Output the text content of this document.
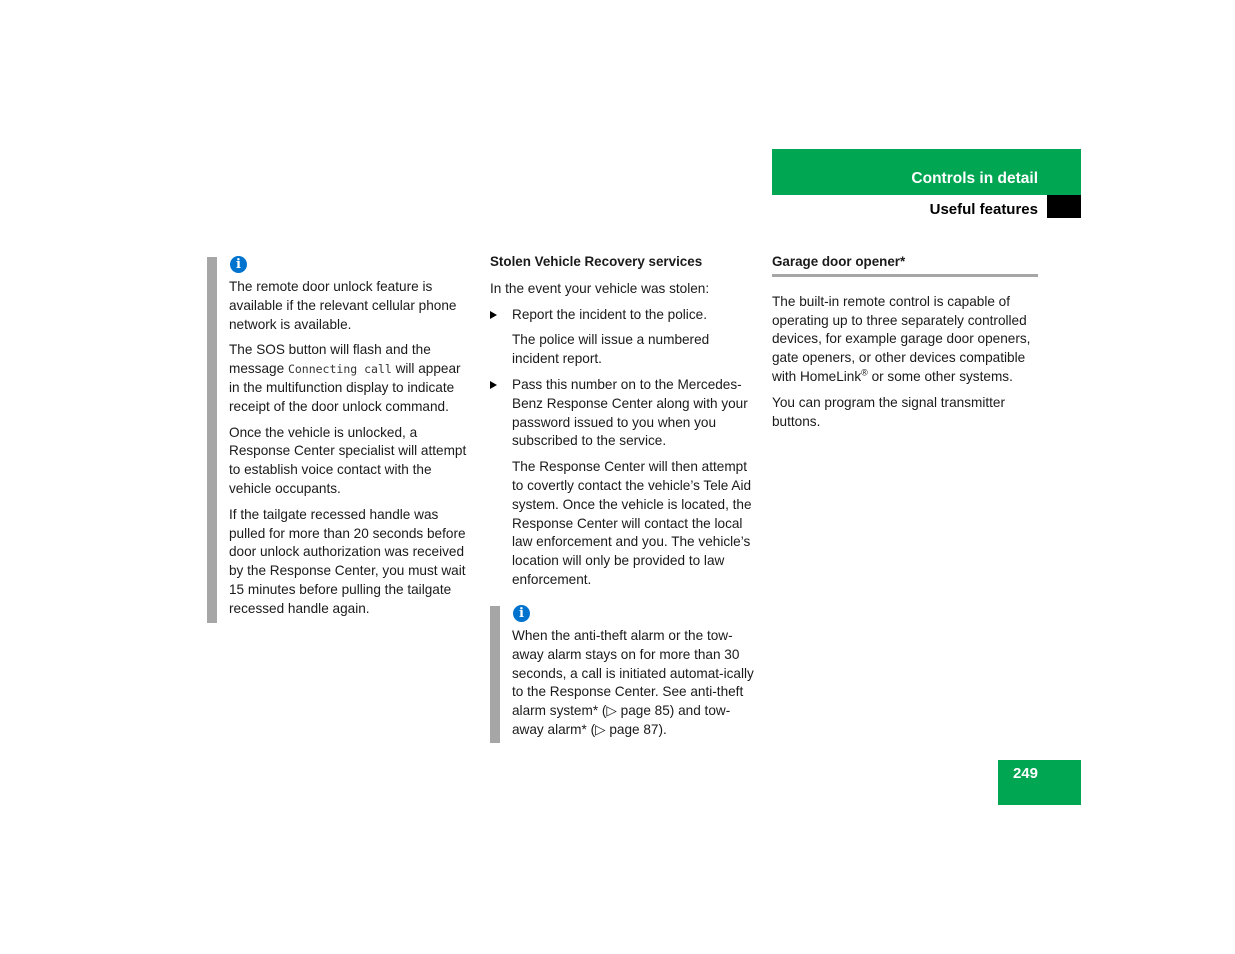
Controls in detail
Useful features
i

The remote door unlock feature is available if the relevant cellular phone network is available.

The SOS button will flash and the message Connecting call will appear in the multifunction display to indicate receipt of the door unlock command.

Once the vehicle is unlocked, a Response Center specialist will attempt to establish voice contact with the vehicle occupants.

If the tailgate recessed handle was pulled for more than 20 seconds before door unlock authorization was received by the Response Center, you must wait 15 minutes before pulling the tailgate recessed handle again.

Stolen Vehicle Recovery services

In the event your vehicle was stolen:

Report the incident to the police.

The police will issue a numbered incident report.

Pass this number on to the Mercedes-Benz Response Center along with your password issued to you when you subscribed to the service.

The Response Center will then attempt to covertly contact the vehicle’s Tele Aid system. Once the vehicle is located, the Response Center will contact the local law enforcement and you. The vehicle’s location will only be provided to law enforcement.

i

When the anti-theft alarm or the tow-away alarm stays on for more than 30 seconds, a call is initiated automat-ically to the Response Center. See anti-theft alarm system* (▷ page 85) and tow-away alarm* (▷ page 87).

Garage door opener*

The built-in remote control is capable of operating up to three separately controlled devices, for example garage door openers, gate openers, or other devices compatible with HomeLink® or some other systems.

You can program the signal transmitter buttons.

249
